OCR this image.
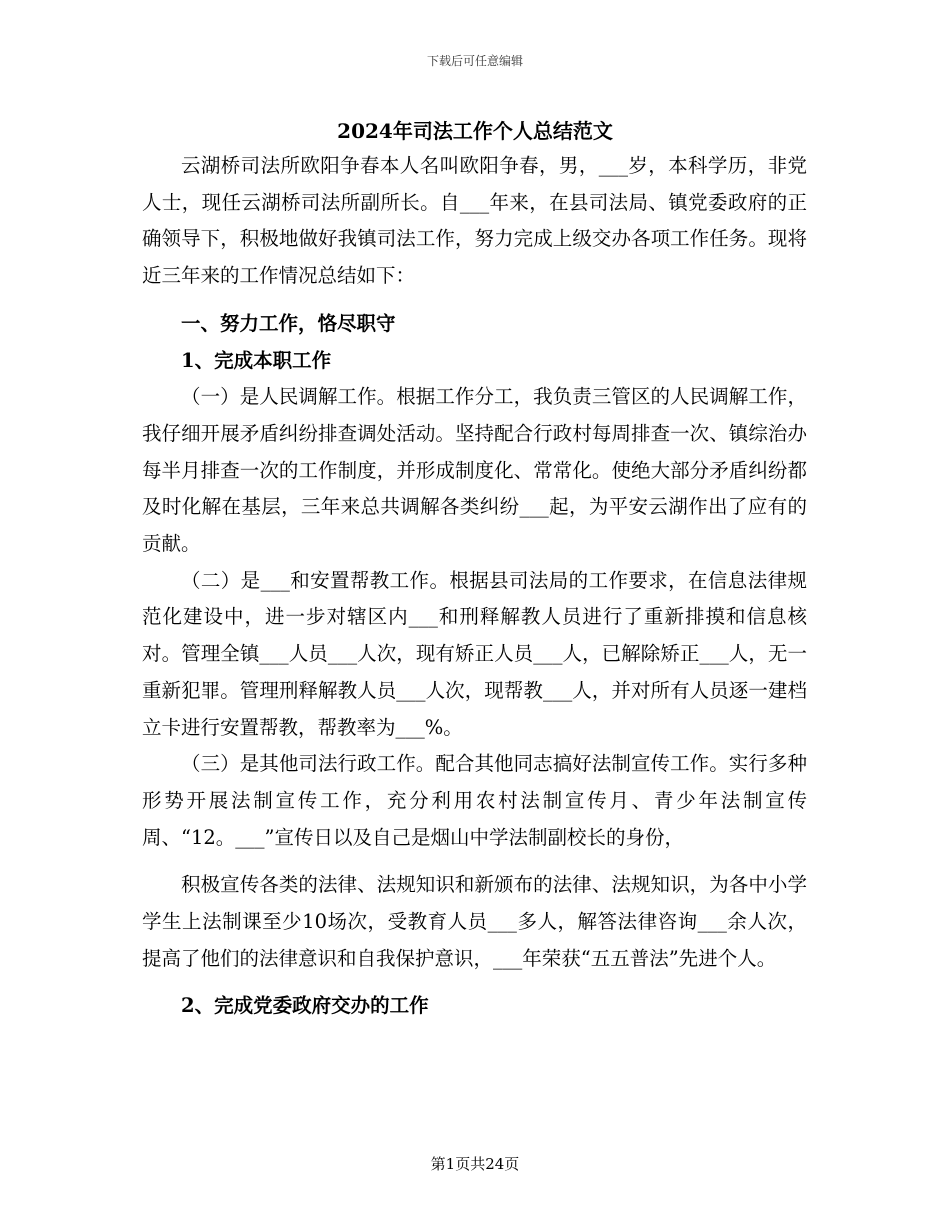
下载后可任意编辑
2024年司法工作个人总结范文

云湖桥司法所欧阳争春本人名叫欧阳争春，男，___岁，本科学历，非党人士，现任云湖桥司法所副所长。自___年来，在县司法局、镇党委政府的正确领导下，积极地做好我镇司法工作，努力完成上级交办各项工作任务。现将近三年来的工作情况总结如下：

一、努力工作，恪尽职守

1、完成本职工作

（一）是人民调解工作。根据工作分工，我负责三管区的人民调解工作，我仔细开展矛盾纠纷排查调处活动。坚持配合行政村每周排查一次、镇综治办每半月排查一次的工作制度，并形成制度化、常常化。使绝大部分矛盾纠纷都及时化解在基层，三年来总共调解各类纠纷___起，为平安云湖作出了应有的贡献。

（二）是___和安置帮教工作。根据县司法局的工作要求，在信息法律规范化建设中，进一步对辖区内___和刑释解教人员进行了重新排摸和信息核对。管理全镇___人员___人次，现有矫正人员___人，已解除矫正___人，无一重新犯罪。管理刑释解教人员___人次，现帮教___人，并对所有人员逐一建档立卡进行安置帮教，帮教率为___%。

（三）是其他司法行政工作。配合其他同志搞好法制宣传工作。实行多种形势开展法制宣传工作，充分利用农村法制宣传月、青少年法制宣传周、“12。___”宣传日以及自己是烟山中学法制副校长的身份，

积极宣传各类的法律、法规知识和新颁布的法律、法规知识，为各中小学学生上法制课至少10场次，受教育人员___多人，解答法律咨询___余人次，提高了他们的法律意识和自我保护意识，___年荣获“五五普法”先进个人。

2、完成党委政府交办的工作

第1页共24页
